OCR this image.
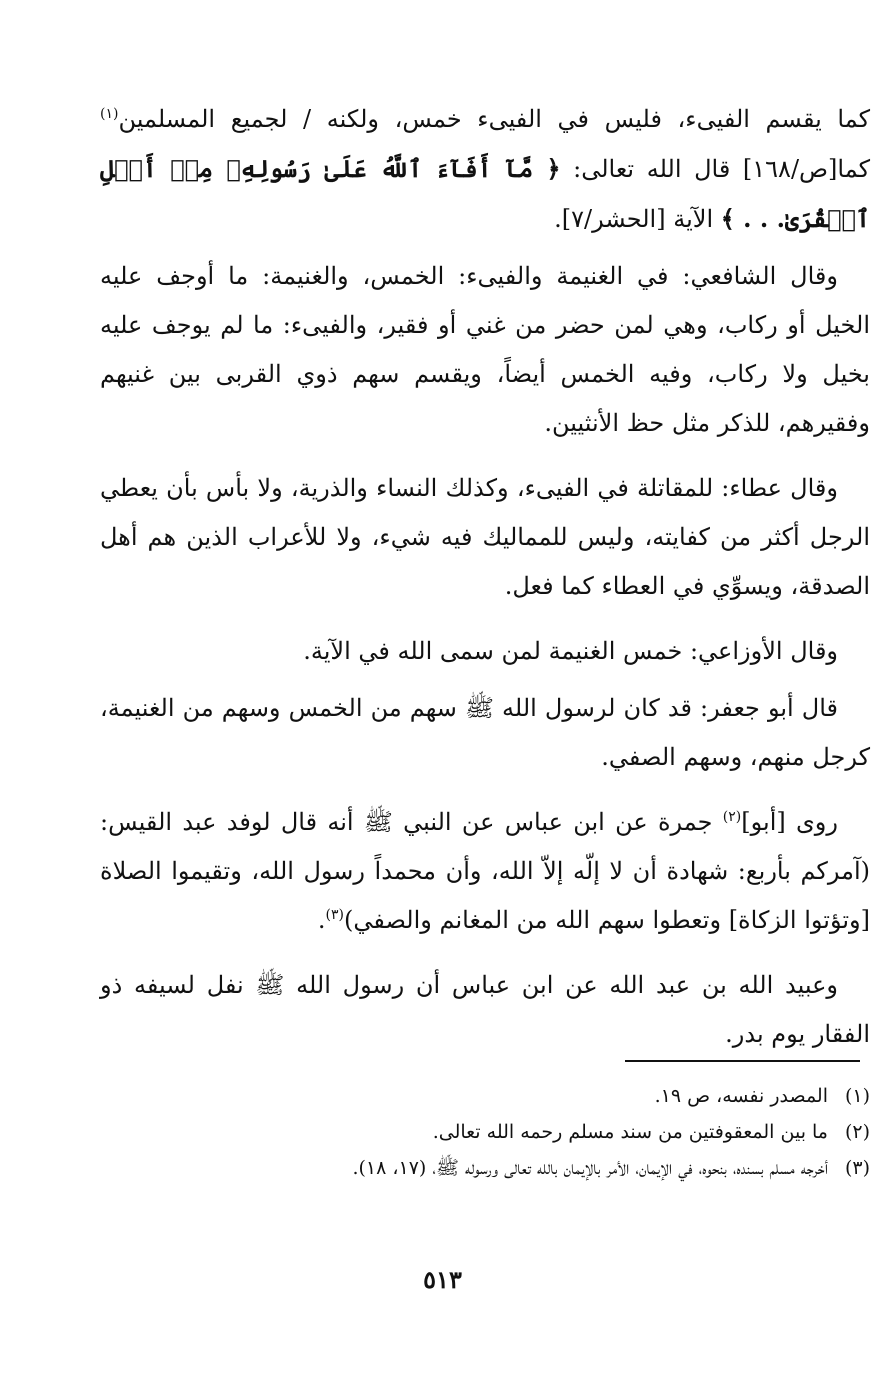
كما يقسم الفيىء، فليس في الفيىء خمس، ولكنه / لجميع المسلمين$^{(١)}$ كما[ص/١٦٨] قال الله تعالى: ﴿ مَّآ أَفَآءَ ٱللَّهُ عَلَىٰ رَسُولِهِۦ مِنۡ أَهۡلِ ٱلۡقُرَىٰ. . . ﴾ الآية [الحشر/٧].

وقال الشافعي: في الغنيمة والفيىء: الخمس، والغنيمة: ما أوجف عليه الخيل أو ركاب، وهي لمن حضر من غني أو فقير، والفيىء: ما لم يوجف عليه بخيل ولا ركاب، وفيه الخمس أيضاً، ويقسم سهم ذوي القربى بين غنيهم وفقيرهم، للذكر مثل حظ الأنثيين.

وقال عطاء: للمقاتلة في الفيىء، وكذلك النساء والذرية، ولا بأس بأن يعطي الرجل أكثر من كفايته، وليس للمماليك فيه شيء، ولا للأعراب الذين هم أهل الصدقة، ويسوِّي في العطاء كما فعل.

وقال الأوزاعي: خمس الغنيمة لمن سمى الله في الآية.

قال أبو جعفر: قد كان لرسول الله ﷺ سهم من الخمس وسهم من الغنيمة، كرجل منهم، وسهم الصفي.

روى [أبو]$^{(٢)}$ جمرة عن ابن عباس عن النبي ﷺ أنه قال لوفد عبد القيس: (آمركم بأربع: شهادة أن لا إلّه إلاّ الله، وأن محمداً رسول الله، وتقيموا الصلاة [وتؤتوا الزكاة] وتعطوا سهم الله من المغانم والصفي)$^{(٣)}$.

وعبيد الله بن عبد الله عن ابن عباس أن رسول الله ﷺ نفل لسيفه ذو الفقار يوم بدر.

(١)
المصدر نفسه، ص ١٩.
(٢)
ما بين المعقوفتين من سند مسلم رحمه الله تعالى.
(٣)
أخرجه مسلم بسنده، بنحوه، في الإيمان، الأمر بالإيمان بالله تعالى ورسوله ﷺ، (١٧، ١٨).
٥١٣
